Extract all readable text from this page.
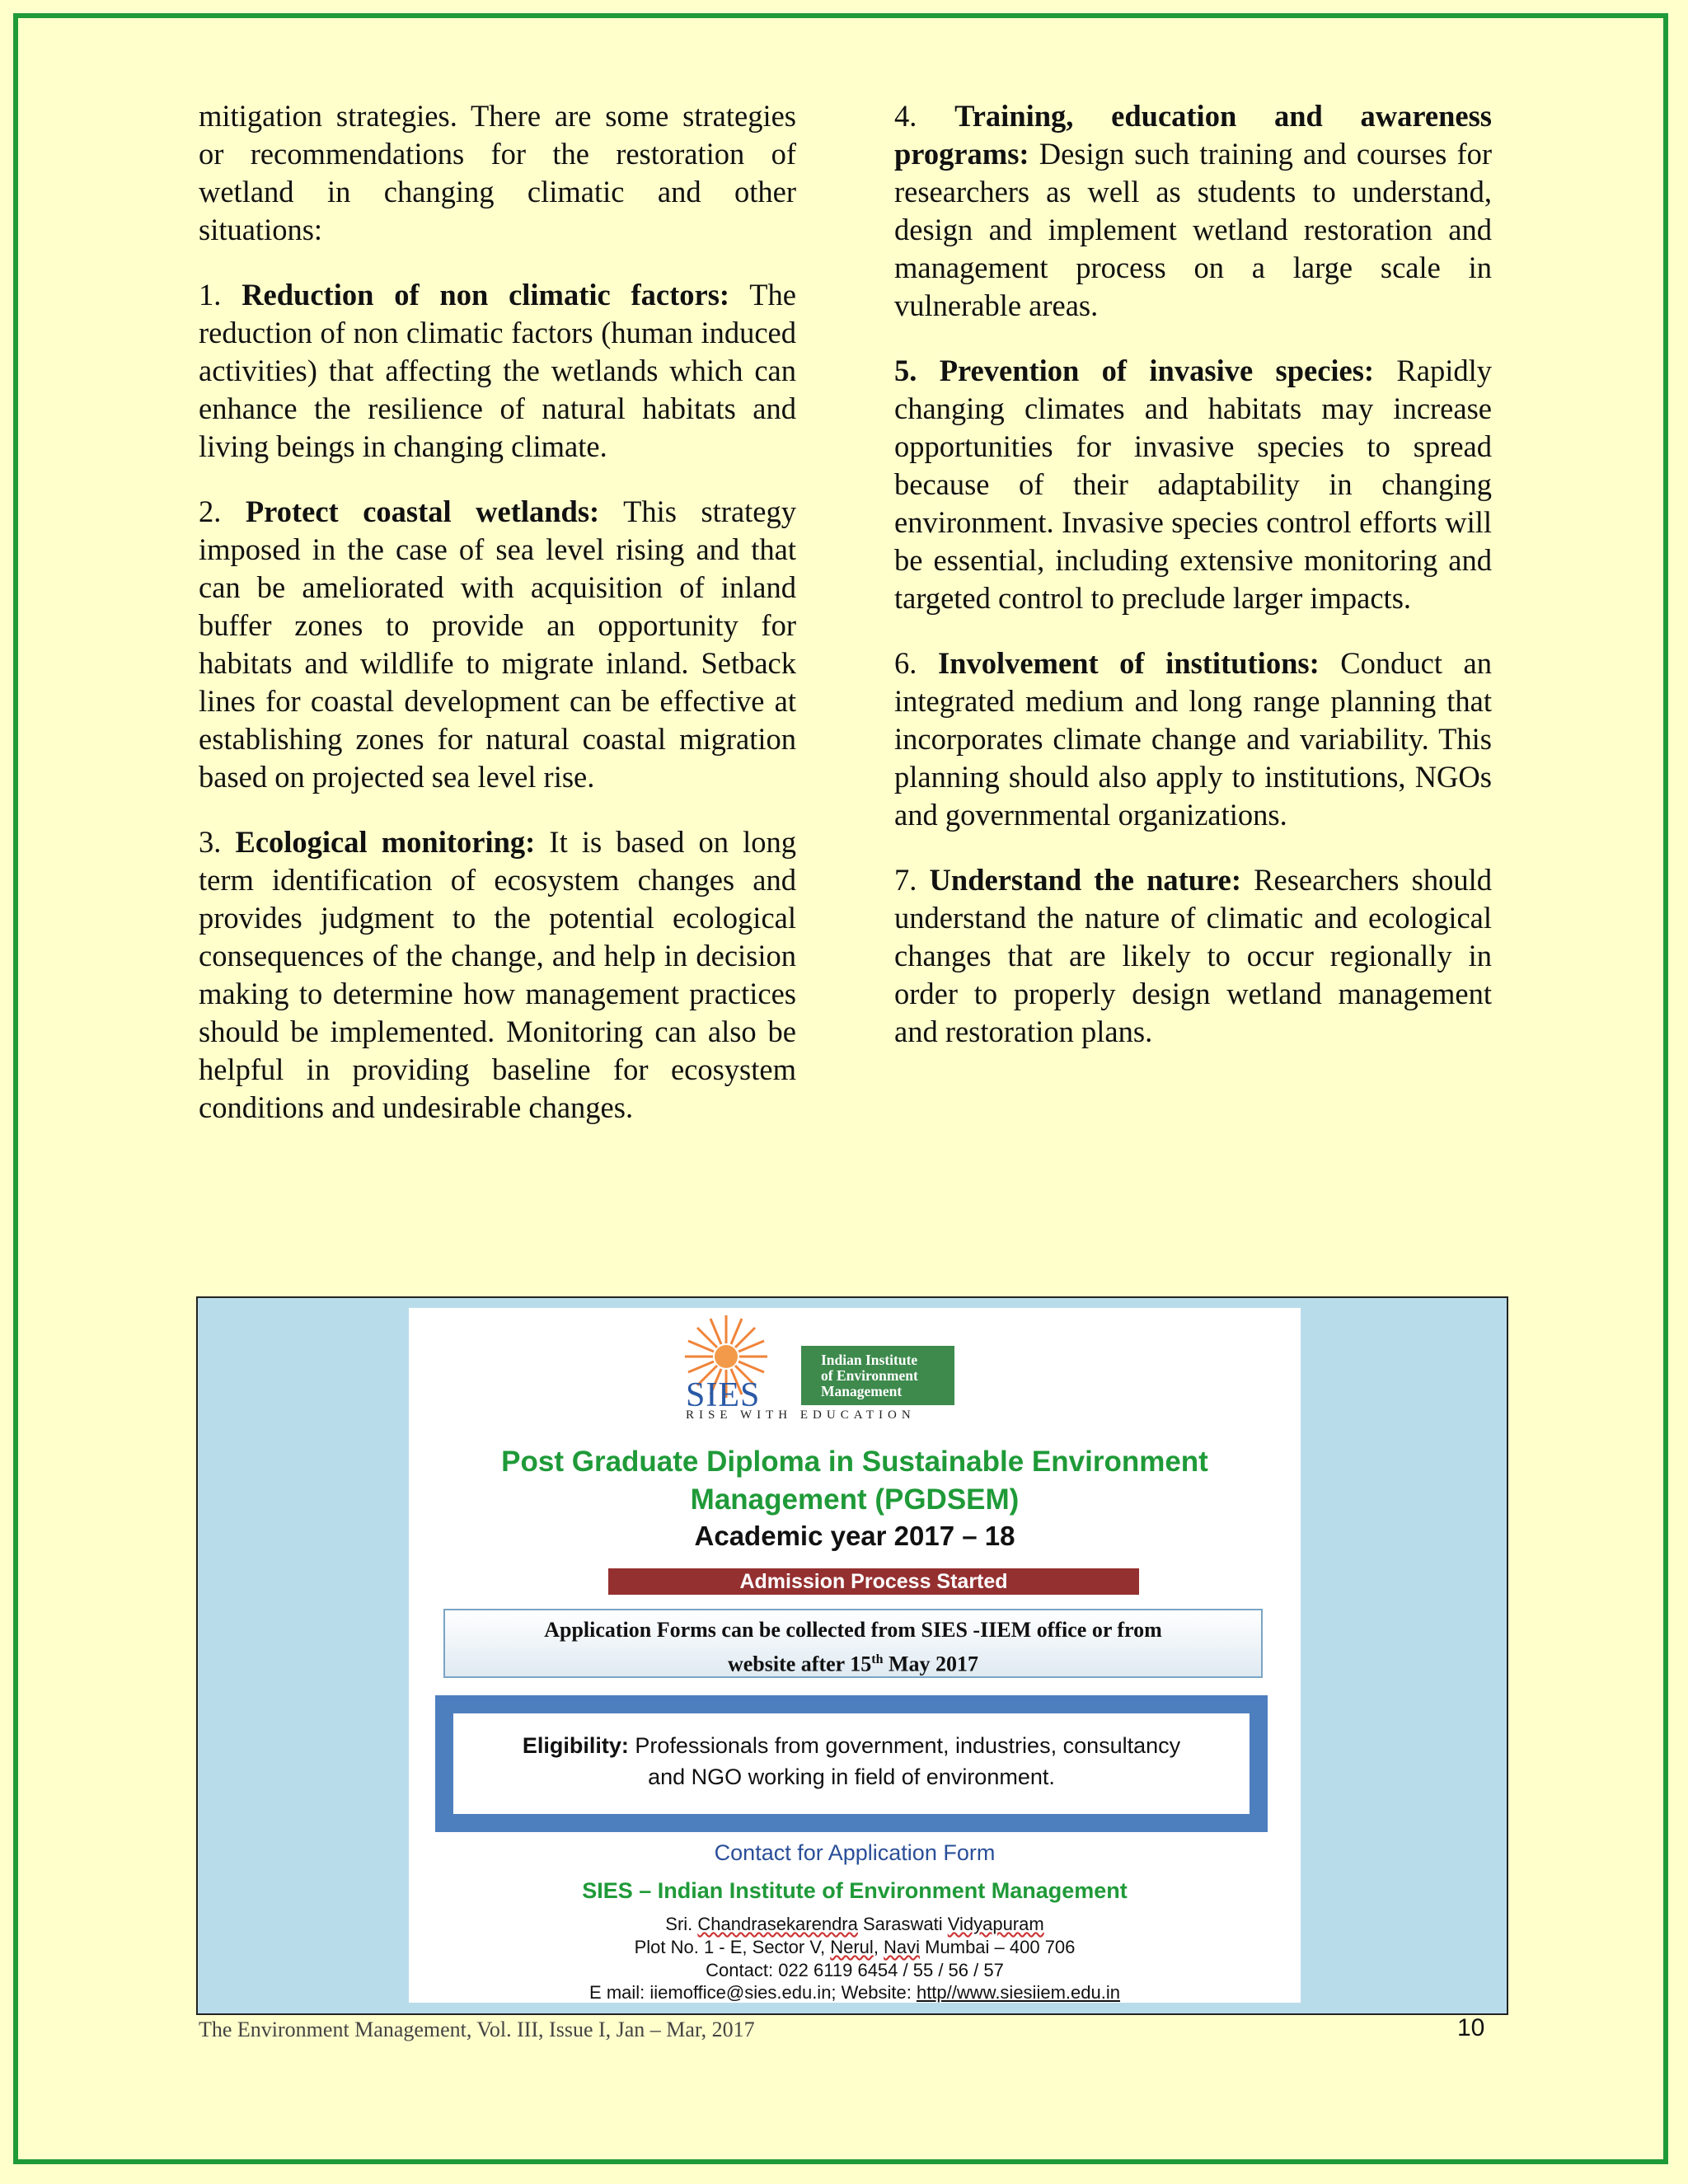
mitigation strategies. There are some strategies or recommendations for the restoration of wetland in changing climatic and other situations:

1. Reduction of non climatic factors: The reduction of non climatic factors (human induced activities) that affecting the wetlands which can enhance the resilience of natural habitats and living beings in changing climate.

2. Protect coastal wetlands: This strategy imposed in the case of sea level rising and that can be ameliorated with acquisition of inland buffer zones to provide an opportunity for habitats and wildlife to migrate inland. Setback lines for coastal development can be effective at establishing zones for natural coastal migration based on projected sea level rise.

3. Ecological monitoring: It is based on long term identification of ecosystem changes and provides judgment to the potential ecological consequences of the change, and help in decision making to determine how management practices should be implemented. Monitoring can also be helpful in providing baseline for ecosystem conditions and undesirable changes.

4. Training, education and awareness programs: Design such training and courses for researchers as well as students to understand, design and implement wetland restoration and management process on a large scale in vulnerable areas.

5. Prevention of invasive species: Rapidly changing climates and habitats may increase opportunities for invasive species to spread because of their adaptability in changing environment. Invasive species control efforts will be essential, including extensive monitoring and targeted control to preclude larger impacts.

6. Involvement of institutions: Conduct an integrated medium and long range planning that incorporates climate change and variability. This planning should also apply to institutions, NGOs and governmental organizations.

7. Understand the nature: Researchers should understand the nature of climatic and ecological changes that are likely to occur regionally in order to properly design wetland management and restoration plans.

SIES
Indian Institute
of Environment
Management
RISE WITH EDUCATION
Post Graduate Diploma in Sustainable Environment
Management (PGDSEM)
Academic year 2017 – 18
Admission Process Started
Application Forms can be collected from SIES -IIEM office or from
website after 15th May 2017
Eligibility: Professionals from government, industries, consultancy
and NGO working in field of environment.
Contact for Application Form
SIES – Indian Institute of Environment Management
Sri. Chandrasekarendra Saraswati Vidyapuram
Plot No. 1 - E, Sector V, Nerul, Navi Mumbai – 400 706
Contact: 022 6119 6454 / 55 / 56 / 57
E mail: iiemoffice@sies.edu.in; Website: http//www.siesiiem.edu.in
The Environment Management, Vol. III, Issue I, Jan – Mar, 2017	10
